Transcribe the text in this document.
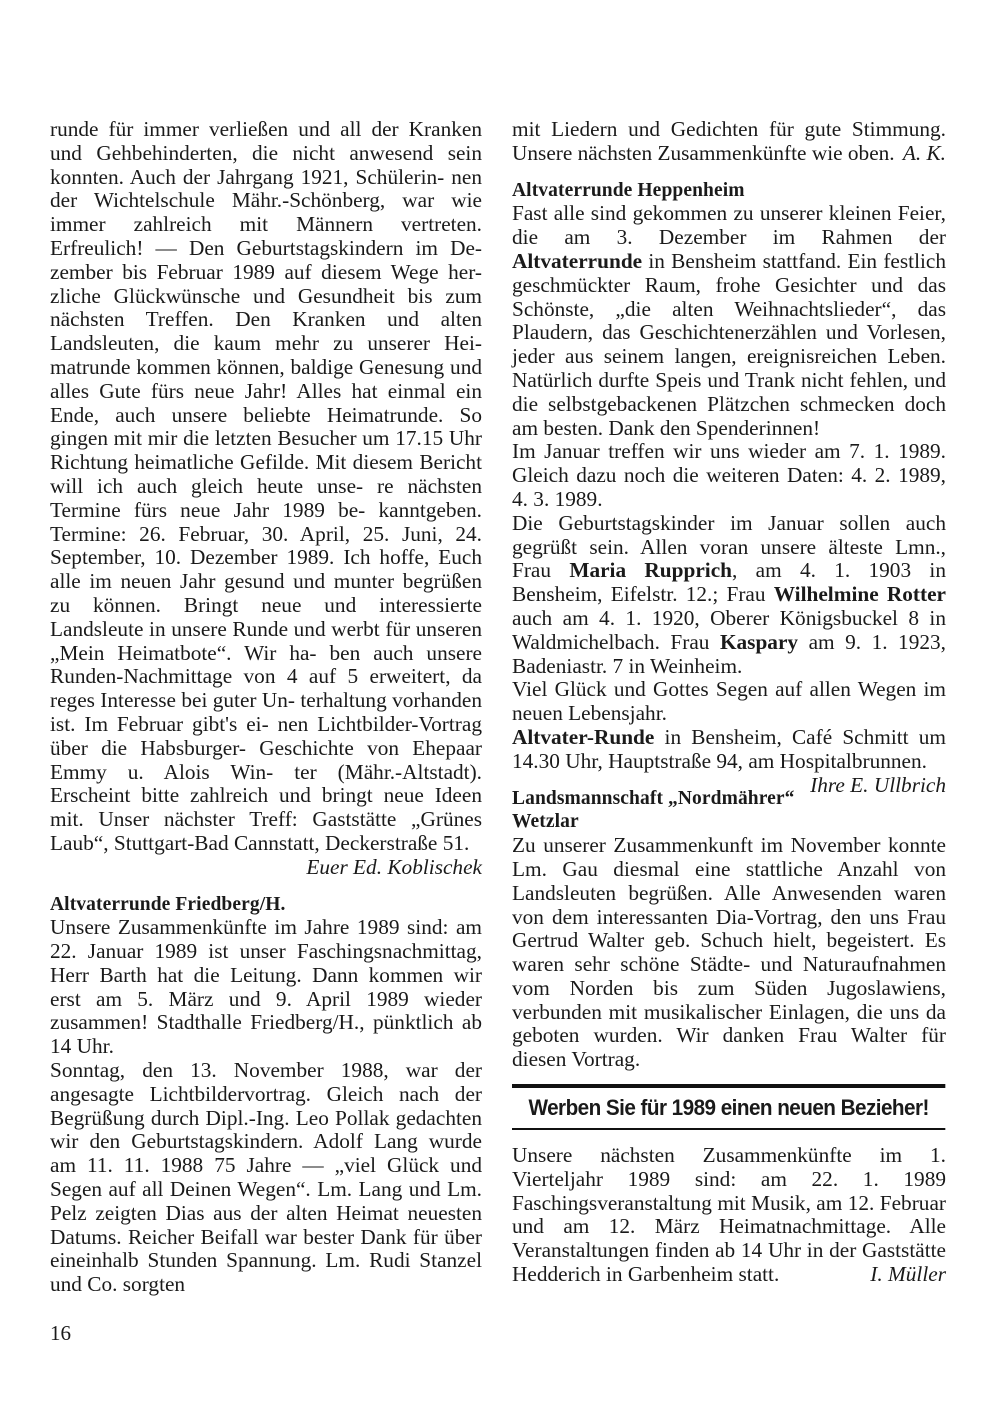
runde für immer verließen und all der Kranken und Gehbehinderten, die nicht anwesend sein konnten. Auch der Jahrgang 1921, Schülerin- nen der Wichtelschule Mähr.-Schönberg, war wie immer zahlreich mit Männern vertreten. Erfreulich! — Den Geburtstagskindern im De- zember bis Februar 1989 auf diesem Wege her- zliche Glückwünsche und Gesundheit bis zum nächsten Treffen. Den Kranken und alten Landsleuten, die kaum mehr zu unserer Hei- matrunde kommen können, baldige Genesung und alles Gute fürs neue Jahr! Alles hat einmal ein Ende, auch unsere beliebte Heimatrunde. So gingen mit mir die letzten Besucher um 17.15 Uhr Richtung heimatliche Gefilde. Mit diesem Bericht will ich auch gleich heute unse- re nächsten Termine fürs neue Jahr 1989 be- kanntgeben. Termine: 26. Februar, 30. April, 25. Juni, 24. September, 10. Dezember 1989. Ich hoffe, Euch alle im neuen Jahr gesund und munter begrüßen zu können. Bringt neue und interessierte Landsleute in unsere Runde und werbt für unseren „Mein Heimatbote“. Wir ha- ben auch unsere Runden-Nachmittage von 4 auf 5 erweitert, da reges Interesse bei guter Un- terhaltung vorhanden ist. Im Februar gibt's ei- nen Lichtbilder-Vortrag über die Habsburger- Geschichte von Ehepaar Emmy u. Alois Win- ter (Mähr.-Altstadt). Erscheint bitte zahlreich und bringt neue Ideen mit. Unser nächster Treff: Gaststätte „Grünes Laub“, Stuttgart-Bad Cannstatt, Deckerstraße 51.
Euer Ed. Koblischek

Altvaterrunde Friedberg/H.

Unsere Zusammenkünfte im Jahre 1989 sind: am 22. Januar 1989 ist unser Faschingsnachmittag, Herr Barth hat die Leitung. Dann kommen wir erst am 5. März und 9. April 1989 wieder zusammen! Stadthalle Friedberg/H., pünktlich ab 14 Uhr.

Sonntag, den 13. November 1988, war der angesagte Lichtbildervortrag. Gleich nach der Begrüßung durch Dipl.-Ing. Leo Pollak gedachten wir den Geburtstagskindern. Adolf Lang wurde am 11. 11. 1988 75 Jahre — „viel Glück und Segen auf all Deinen Wegen“. Lm. Lang und Lm. Pelz zeigten Dias aus der alten Heimat neuesten Datums. Reicher Beifall war bester Dank für über eineinhalb Stunden Spannung. Lm. Rudi Stanzel und Co. sorgten

mit Liedern und Gedichten für gute Stimmung. Unsere nächsten Zusammenkünfte wie oben. A. K.

Altvaterrunde Heppenheim

Fast alle sind gekommen zu unserer kleinen Feier, die am 3. Dezember im Rahmen der Altvaterrunde in Bensheim stattfand. Ein festlich geschmückter Raum, frohe Gesichter und das Schönste, „die alten Weihnachtslieder“, das Plaudern, das Geschichtenerzählen und Vorlesen, jeder aus seinem langen, ereignisreichen Leben. Natürlich durfte Speis und Trank nicht fehlen, und die selbstgebackenen Plätzchen schmecken doch am besten. Dank den Spenderinnen!

Im Januar treffen wir uns wieder am 7. 1. 1989. Gleich dazu noch die weiteren Daten: 4. 2. 1989, 4. 3. 1989.

Die Geburtstagskinder im Januar sollen auch gegrüßt sein. Allen voran unsere älteste Lmn., Frau Maria Rupprich, am 4. 1. 1903 in Bensheim, Eifelstr. 12.; Frau Wilhelmine Rotter auch am 4. 1. 1920, Oberer Königsbuckel 8 in Waldmichelbach. Frau Kaspary am 9. 1. 1923, Badeniastr. 7 in Weinheim.

Viel Glück und Gottes Segen auf allen Wegen im neuen Lebensjahr.

Altvater-Runde in Bensheim, Café Schmitt um 14.30 Uhr, Hauptstraße 94, am Hospitalbrunnen.
Ihre E. Ullbrich

Landsmannschaft „Nordmährer“ Wetzlar

Zu unserer Zusammenkunft im November konnte Lm. Gau diesmal eine stattliche Anzahl von Landsleuten begrüßen. Alle Anwesenden waren von dem interessanten Dia-Vortrag, den uns Frau Gertrud Walter geb. Schuch hielt, begeistert. Es waren sehr schöne Städte- und Naturaufnahmen vom Norden bis zum Süden Jugoslawiens, verbunden mit musikalischer Einlagen, die uns da geboten wurden. Wir danken Frau Walter für diesen Vortrag.

Werben Sie für 1989 einen neuen Bezieher!

Unsere nächsten Zusammenkünfte im 1. Vierteljahr 1989 sind: am 22. 1. 1989 Faschingsveranstaltung mit Musik, am 12. Februar und am 12. März Heimatnachmittage. Alle Veranstaltungen finden ab 14 Uhr in der Gaststätte Hedderich in Garbenheim statt.	I. Müller

16
